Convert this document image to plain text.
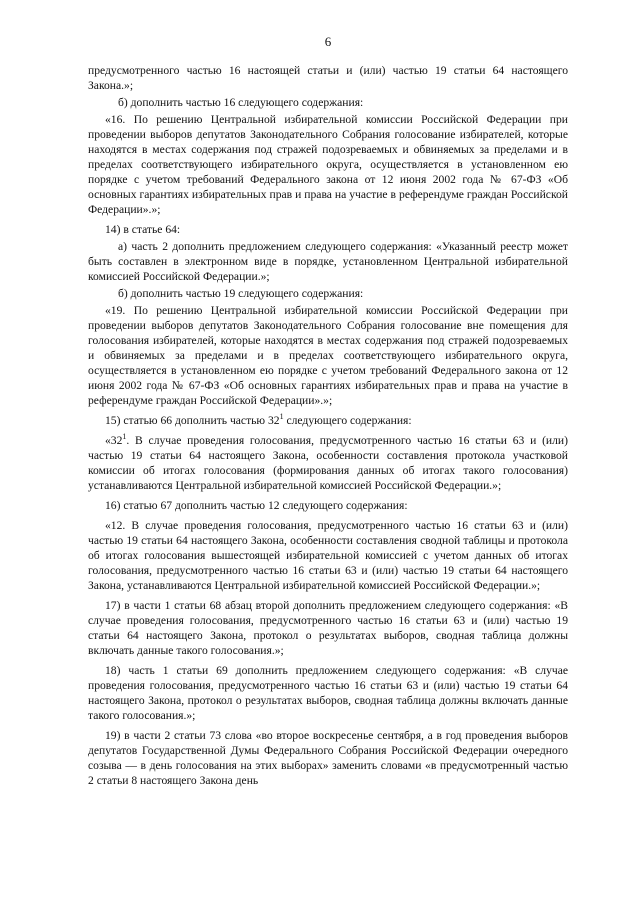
6

предусмотренного частью 16 настоящей статьи и (или) частью 19 статьи 64 настоящего Закона.»;

б) дополнить частью 16 следующего содержания:

«16. По решению Центральной избирательной комиссии Российской Федерации при проведении выборов депутатов Законодательного Собрания голосование избирателей, которые находятся в местах содержания под стражей подозреваемых и обвиняемых за пределами и в пределах соответствующего избирательного округа, осуществляется в установленном ею порядке с учетом требований Федерального закона от 12 июня 2002 года № 67-ФЗ «Об основных гарантиях избирательных прав и права на участие в референдуме граждан Российской Федерации».»;

14) в статье 64:

а) часть 2 дополнить предложением следующего содержания: «Указанный реестр может быть составлен в электронном виде в порядке, установленном Центральной избирательной комиссией Российской Федерации.»;

б) дополнить частью 19 следующего содержания:

«19. По решению Центральной избирательной комиссии Российской Федерации при проведении выборов депутатов Законодательного Собрания голосование вне помещения для голосования избирателей, которые находятся в местах содержания под стражей подозреваемых и обвиняемых за пределами и в пределах соответствующего избирательного округа, осуществляется в установленном ею порядке с учетом требований Федерального закона от 12 июня 2002 года № 67-ФЗ «Об основных гарантиях избирательных прав и права на участие в референдуме граждан Российской Федерации».»;

15) статью 66 дополнить частью $32^1$ следующего содержания:

«$32^1$. В случае проведения голосования, предусмотренного частью 16 статьи 63 и (или) частью 19 статьи 64 настоящего Закона, особенности составления протокола участковой комиссии об итогах голосования (формирования данных об итогах такого голосования) устанавливаются Центральной избирательной комиссией Российской Федерации.»;

16) статью 67 дополнить частью 12 следующего содержания:

«12. В случае проведения голосования, предусмотренного частью 16 статьи 63 и (или) частью 19 статьи 64 настоящего Закона, особенности составления сводной таблицы и протокола об итогах голосования вышестоящей избирательной комиссией с учетом данных об итогах голосования, предусмотренного частью 16 статьи 63 и (или) частью 19 статьи 64 настоящего Закона, устанавливаются Центральной избирательной комиссией Российской Федерации.»;

17) в части 1 статьи 68 абзац второй дополнить предложением следующего содержания: «В случае проведения голосования, предусмотренного частью 16 статьи 63 и (или) частью 19 статьи 64 настоящего Закона, протокол о результатах выборов, сводная таблица должны включать данные такого голосования.»;

18) часть 1 статьи 69 дополнить предложением следующего содержания: «В случае проведения голосования, предусмотренного частью 16 статьи 63 и (или) частью 19 статьи 64 настоящего Закона, протокол о результатах выборов, сводная таблица должны включать данные такого голосования.»;

19) в части 2 статьи 73 слова «во второе воскресенье сентября, а в год проведения выборов депутатов Государственной Думы Федерального Собрания Российской Федерации очередного созыва — в день голосования на этих выборах» заменить словами «в предусмотренный частью 2 статьи 8 настоящего Закона день
